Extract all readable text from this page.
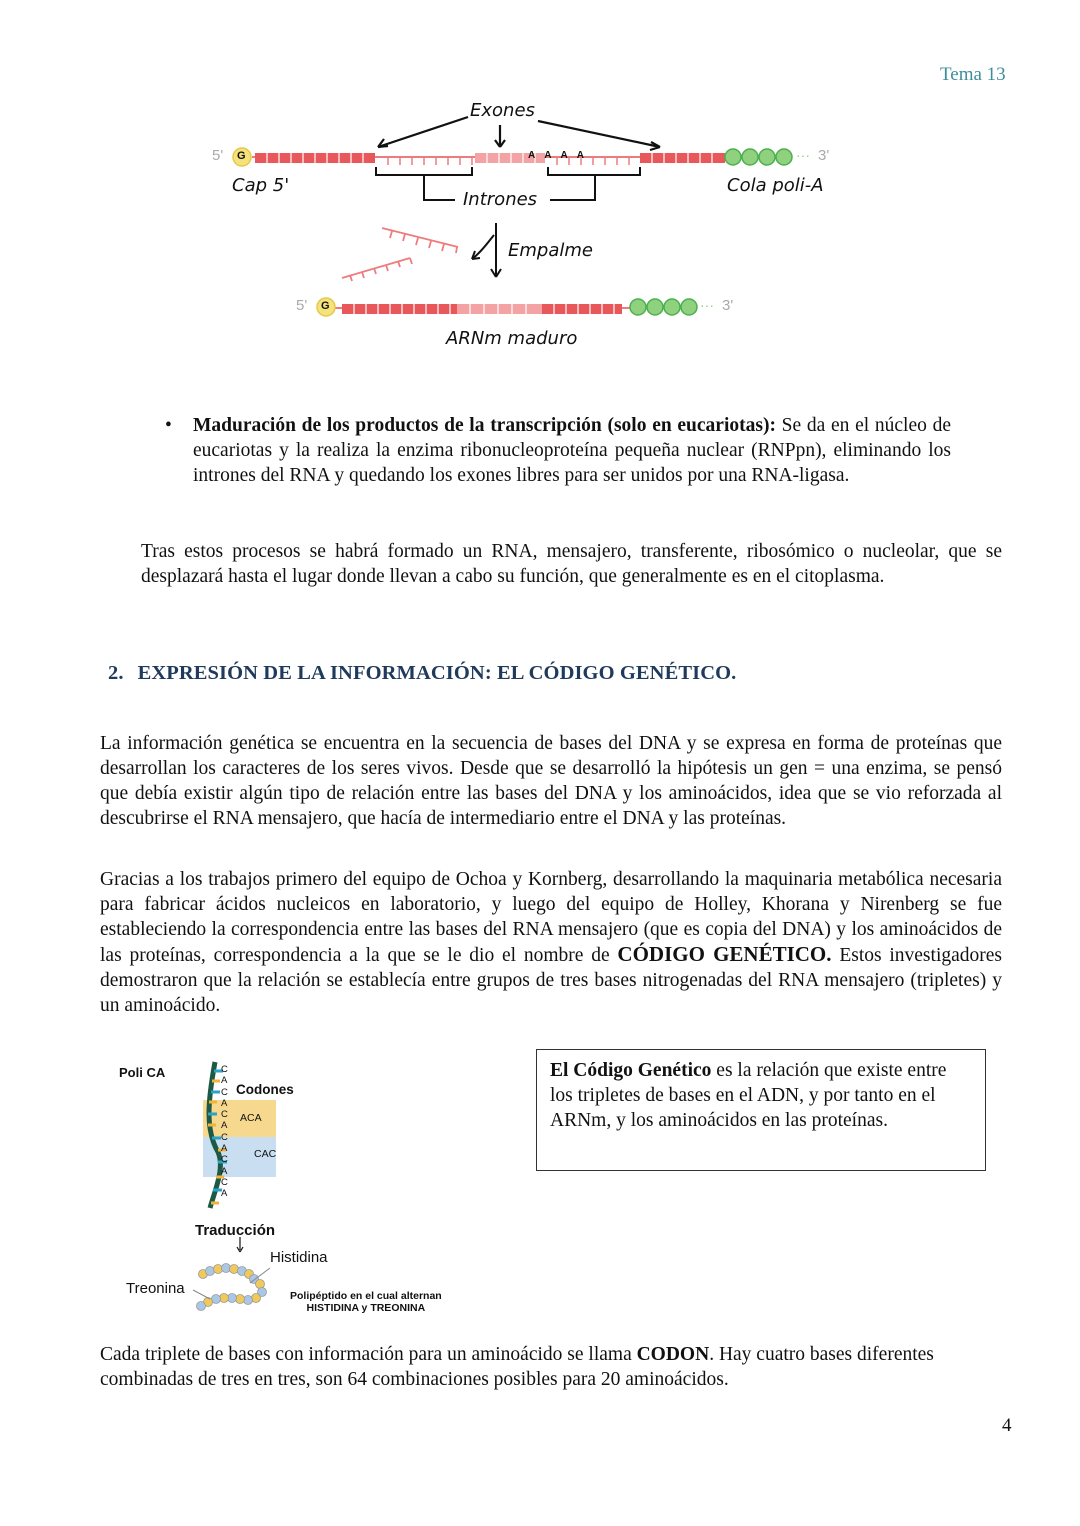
Tema 13
Exones
5' G	··· 3'
Cap 5'
Intrones
Cola poli-A
Empalme
5' G	··· 3'
ARNm maduro
AAAA
• Maduración de los productos de la transcripción (solo en eucariotas): Se da en el núcleo de eucariotas y la realiza la enzima ribonucleoproteína pequeña nuclear (RNPpn), eliminando los intrones del RNA y quedando los exones libres para ser unidos por una RNA-ligasa.

Tras estos procesos se habrá formado un RNA, mensajero, transferente, ribosómico o nucleolar, que se desplazará hasta el lugar donde llevan a cabo su función, que generalmente es en el citoplasma.

2. EXPRESIÓN DE LA INFORMACIÓN: EL CÓDIGO GENÉTICO.

La información genética se encuentra en la secuencia de bases del DNA y se expresa en forma de proteínas que desarrollan los caracteres de los seres vivos. Desde que se desarrolló la hipótesis un gen = una enzima, se pensó que debía existir algún tipo de relación entre las bases del DNA y los aminoácidos, idea que se vio reforzada al descubrirse el RNA mensajero, que hacía de intermediario entre el DNA y las proteínas.

Gracias a los trabajos primero del equipo de Ochoa y Kornberg, desarrollando la maquinaria metabólica necesaria para fabricar ácidos nucleicos en laboratorio, y luego del equipo de Holley, Khorana y Nirenberg se fue estableciendo la correspondencia entre las bases del RNA mensajero (que es copia del DNA) y los aminoácidos de las proteínas, correspondencia a la que se le dio el nombre de CÓDIGO GENÉTICO. Estos investigadores demostraron que la relación se establecía entre grupos de tres bases nitrogenadas del RNA mensajero (tripletes) y un aminoácido.

Poli CA
Codones
C
A
C
A
C
A
C
A
C
A
C
A
ACA
CAC
Traducción
Histidina
Treonina	Polipéptido en el cual alternan
HISTIDINA y TREONINA
El Código Genético es la relación que existe entre los tripletes de bases en el ADN, y por tanto en el ARNm, y los aminoácidos en las proteínas.

Cada triplete de bases con información para un aminoácido se llama CODON. Hay cuatro bases diferentes combinadas de tres en tres, son 64 combinaciones posibles para 20 aminoácidos.

4
